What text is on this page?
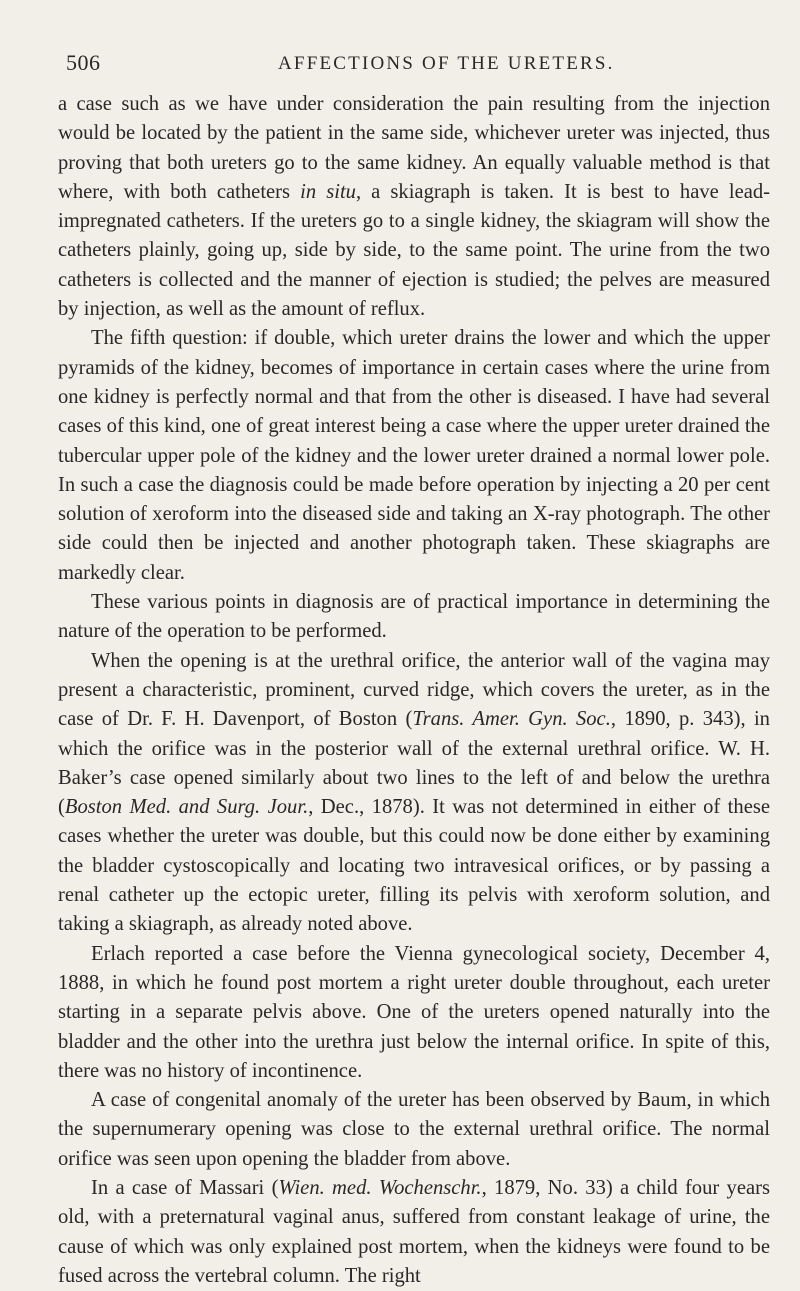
506	AFFECTIONS OF THE URETERS.

a case such as we have under consideration the pain resulting from the injection would be located by the patient in the same side, whichever ureter was injected, thus proving that both ureters go to the same kidney. An equally valuable method is that where, with both catheters in situ, a skiagraph is taken. It is best to have lead-impregnated catheters. If the ureters go to a single kidney, the skiagram will show the catheters plainly, going up, side by side, to the same point. The urine from the two catheters is collected and the manner of ejection is studied; the pelves are measured by injection, as well as the amount of reflux.

The fifth question: if double, which ureter drains the lower and which the upper pyramids of the kidney, becomes of importance in certain cases where the urine from one kidney is perfectly normal and that from the other is diseased. I have had several cases of this kind, one of great interest being a case where the upper ureter drained the tubercular upper pole of the kidney and the lower ureter drained a normal lower pole. In such a case the diagnosis could be made before operation by injecting a 20 per cent solution of xeroform into the diseased side and taking an X-ray photograph. The other side could then be injected and another photograph taken. These skiagraphs are markedly clear.

These various points in diagnosis are of practical importance in determining the nature of the operation to be performed.

When the opening is at the urethral orifice, the anterior wall of the vagina may present a characteristic, prominent, curved ridge, which covers the ureter, as in the case of Dr. F. H. Davenport, of Boston (Trans. Amer. Gyn. Soc., 1890, p. 343), in which the orifice was in the posterior wall of the external urethral orifice. W. H. Baker’s case opened similarly about two lines to the left of and below the urethra (Boston Med. and Surg. Jour., Dec., 1878). It was not determined in either of these cases whether the ureter was double, but this could now be done either by examining the bladder cystoscopically and locating two intravesical orifices, or by passing a renal catheter up the ectopic ureter, filling its pelvis with xeroform solution, and taking a skiagraph, as already noted above.

Erlach reported a case before the Vienna gynecological society, December 4, 1888, in which he found post mortem a right ureter double throughout, each ureter starting in a separate pelvis above. One of the ureters opened naturally into the bladder and the other into the urethra just below the internal orifice. In spite of this, there was no history of incontinence.

A case of congenital anomaly of the ureter has been observed by Baum, in which the supernumerary opening was close to the external urethral orifice. The normal orifice was seen upon opening the bladder from above.

In a case of Massari (Wien. med. Wochenschr., 1879, No. 33) a child four years old, with a preternatural vaginal anus, suffered from constant leakage of urine, the cause of which was only explained post mortem, when the kidneys were found to be fused across the vertebral column. The right
